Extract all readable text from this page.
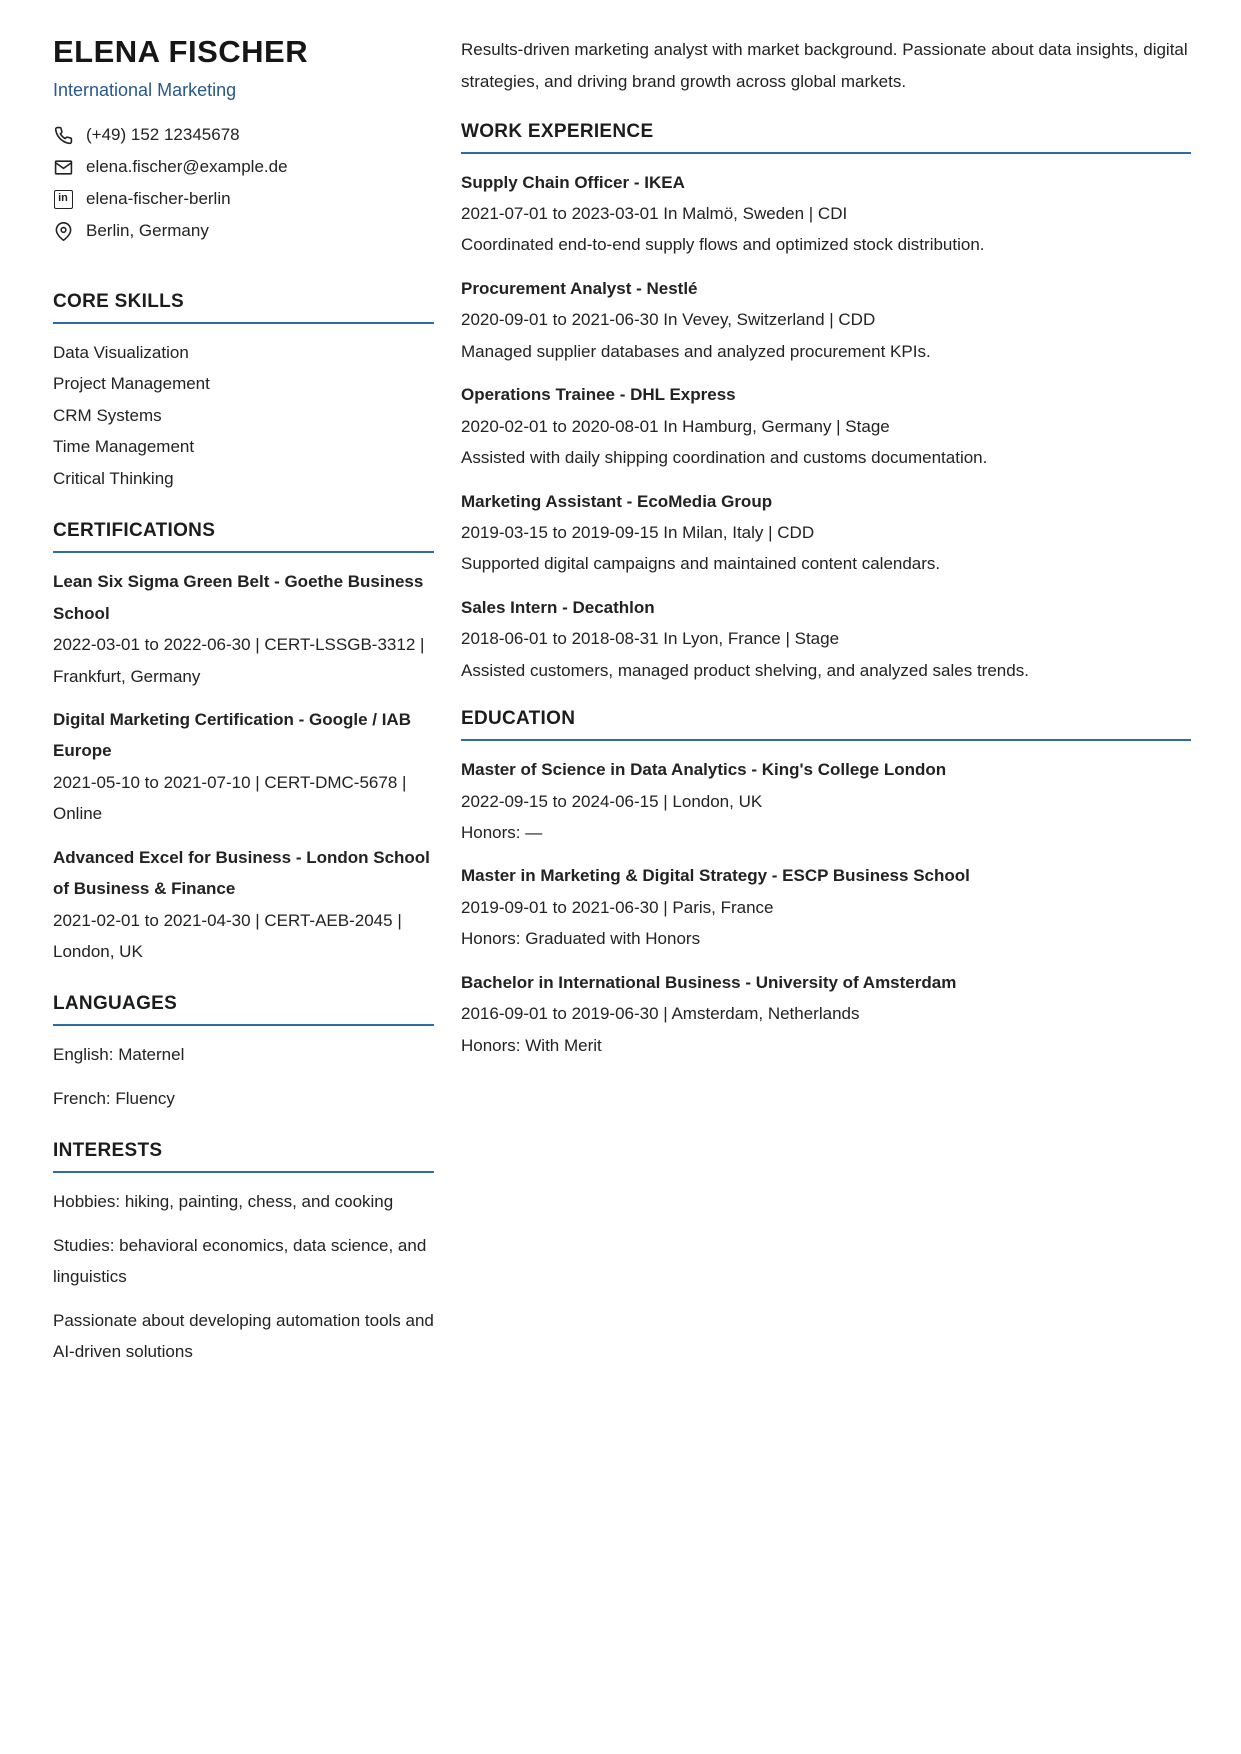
ELENA FISCHER
International Marketing
(+49) 152 12345678
elena.fischer@example.de
in elena-fischer-berlin
Berlin, Germany
CORE SKILLS
Data Visualization
Project Management
CRM Systems
Time Management
Critical Thinking
CERTIFICATIONS
Lean Six Sigma Green Belt - Goethe Business School
2022-03-01 to 2022-06-30 | CERT-LSSGB-3312 | Frankfurt, Germany
Digital Marketing Certification - Google / IAB Europe
2021-05-10 to 2021-07-10 | CERT-DMC-5678 | Online
Advanced Excel for Business - London School of Business & Finance
2021-02-01 to 2021-04-30 | CERT-AEB-2045 | London, UK
LANGUAGES
English: Maternel
French: Fluency
INTERESTS
Hobbies: hiking, painting, chess, and cooking
Studies: behavioral economics, data science, and linguistics
Passionate about developing automation tools and AI-driven solutions

Results-driven marketing analyst with market background. Passionate about data insights, digital strategies, and driving brand growth across global markets.

WORK EXPERIENCE
Supply Chain Officer - IKEA
2021-07-01 to 2023-03-01 In Malmö, Sweden | CDI
Coordinated end-to-end supply flows and optimized stock distribution.
Procurement Analyst - Nestlé
2020-09-01 to 2021-06-30 In Vevey, Switzerland | CDD
Managed supplier databases and analyzed procurement KPIs.
Operations Trainee - DHL Express
2020-02-01 to 2020-08-01 In Hamburg, Germany | Stage
Assisted with daily shipping coordination and customs documentation.
Marketing Assistant - EcoMedia Group
2019-03-15 to 2019-09-15 In Milan, Italy | CDD
Supported digital campaigns and maintained content calendars.
Sales Intern - Decathlon
2018-06-01 to 2018-08-31 In Lyon, France | Stage
Assisted customers, managed product shelving, and analyzed sales trends.
EDUCATION
Master of Science in Data Analytics - King's College London
2022-09-15 to 2024-06-15 | London, UK
Honors: —
Master in Marketing & Digital Strategy - ESCP Business School
2019-09-01 to 2021-06-30 | Paris, France
Honors: Graduated with Honors
Bachelor in International Business - University of Amsterdam
2016-09-01 to 2019-06-30 | Amsterdam, Netherlands
Honors: With Merit
